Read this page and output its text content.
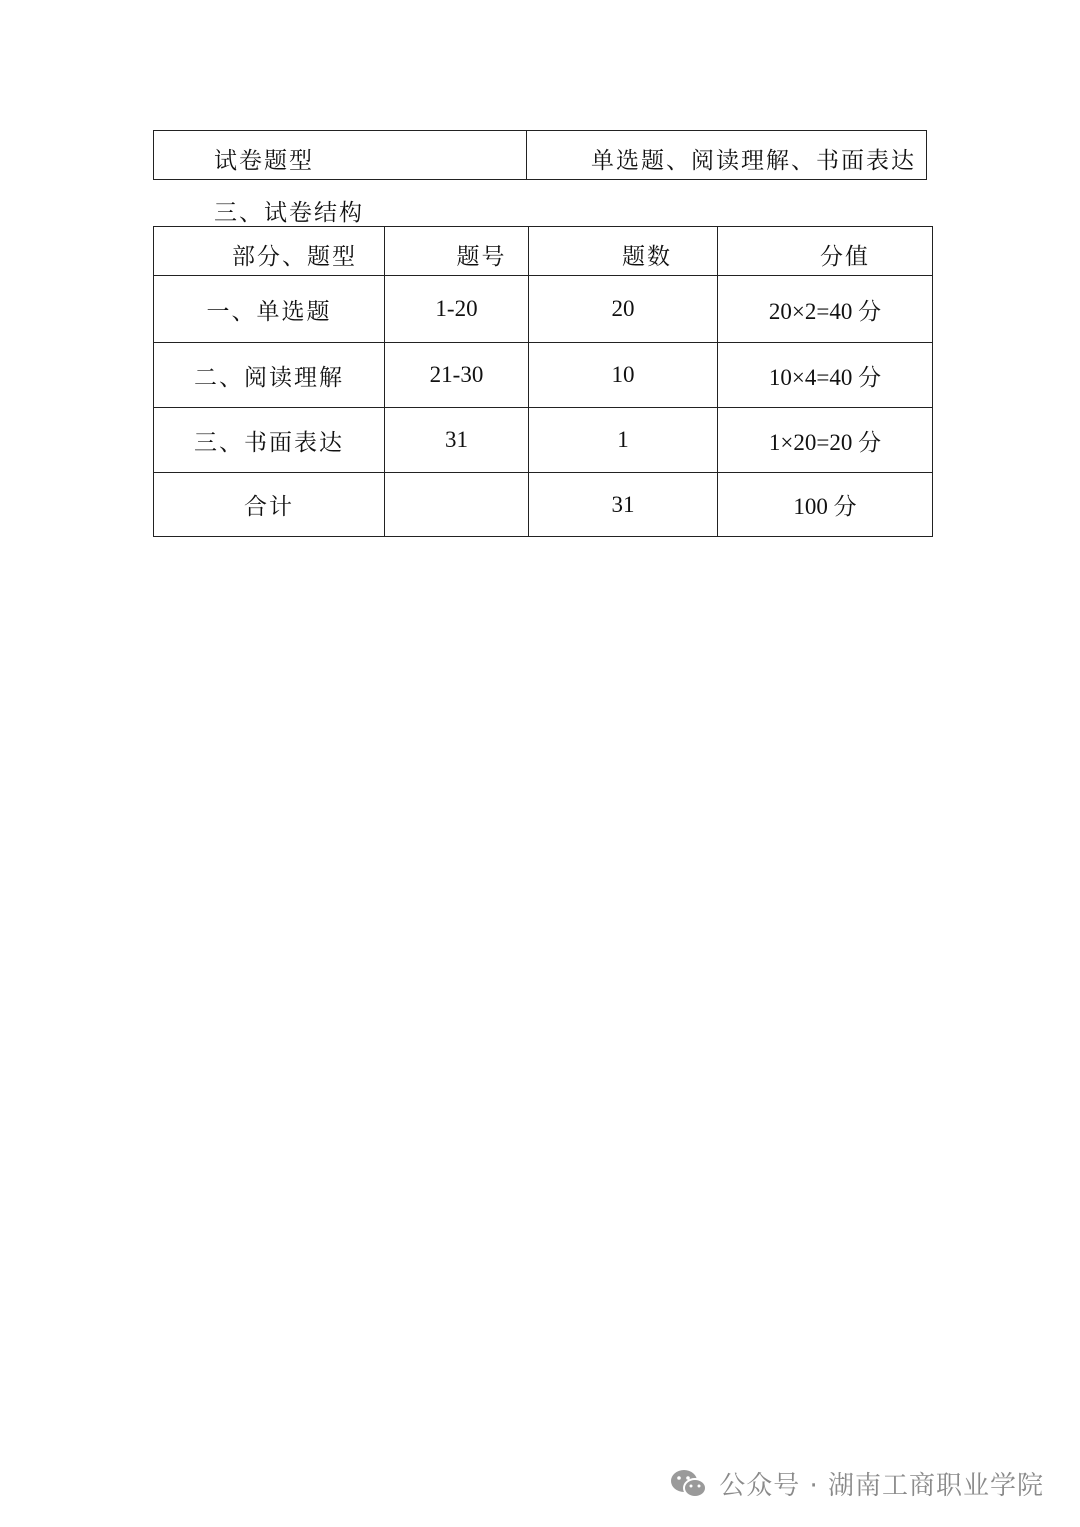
试卷题型	单选题、阅读理解、书面表达
三、试卷结构
部分、题型	题号	题数	分值
一、单选题	1-20	20	20×2=40 分
二、阅读理解	21-30	10	10×4=40 分
三、书面表达	31	1	1×20=20 分
合计		31	100 分
公众号 · 湖南工商职业学院
